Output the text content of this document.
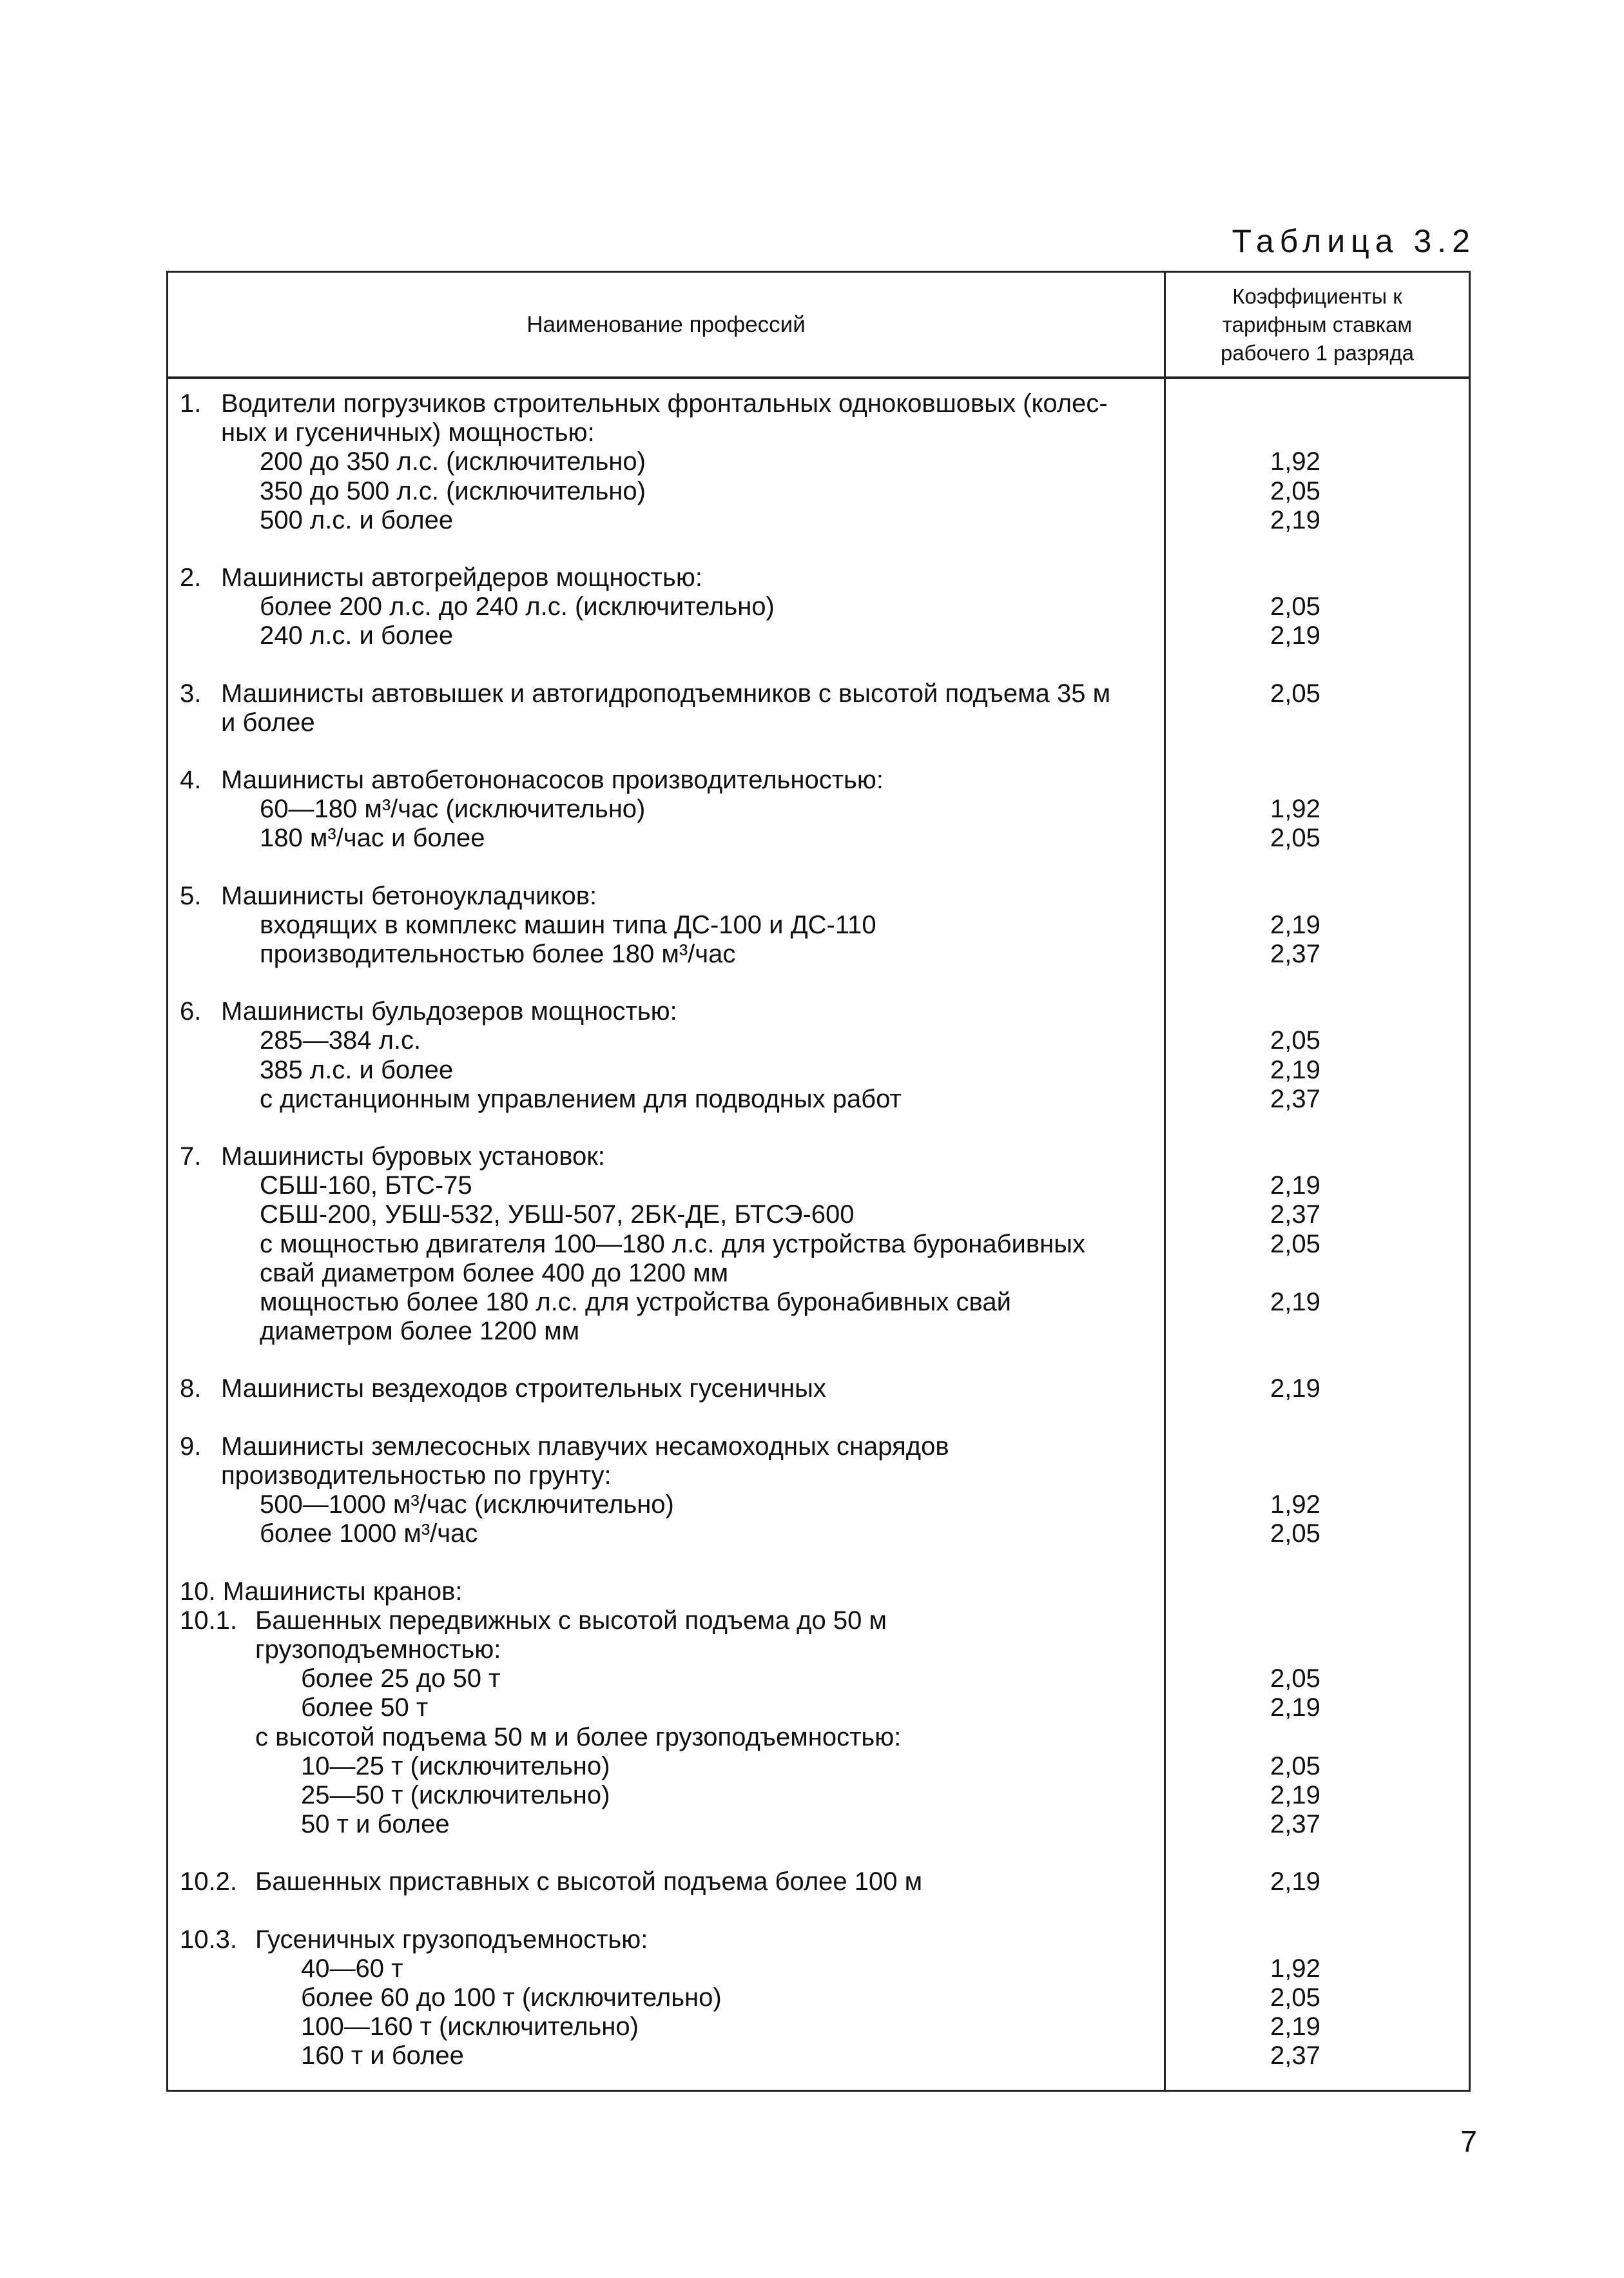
Таблица 3.2
Наименование профессий
Коэффициенты к
тарифным ставкам
рабочего 1 разряда
1. Водители погрузчиков строительных фронтальных одноковшовых (колес-
ных и гусеничных) мощностью:
200 до 350 л.с. (исключительно)	1,92
350 до 500 л.с. (исключительно)	2,05
500 л.с. и более	2,19
2. Машинисты автогрейдеров мощностью:
более 200 л.с. до 240 л.с. (исключительно)	2,05
240 л.с. и более	2,19
3. Машинисты автовышек и автогидроподъемников с высотой подъема 35 м	2,05
и более
4. Машинисты автобетононасосов производительностью:
60—180 м³/час (исключительно)	1,92
180 м³/час и более	2,05
5. Машинисты бетоноукладчиков:
входящих в комплекс машин типа ДС-100 и ДС-110	2,19
производительностью более 180 м³/час	2,37
6. Машинисты бульдозеров мощностью:
285—384 л.с.	2,05
385 л.с. и более	2,19
с дистанционным управлением для подводных работ	2,37
7. Машинисты буровых установок:
СБШ-160, БТС-75	2,19
СБШ-200, УБШ-532, УБШ-507, 2БК-ДЕ, БТСЭ-600	2,37
с мощностью двигателя 100—180 л.с. для устройства буронабивных	2,05
свай диаметром более 400 до 1200 мм
мощностью более 180 л.с. для устройства буронабивных свай	2,19
диаметром более 1200 мм
8. Машинисты вездеходов строительных гусеничных	2,19
9. Машинисты землесосных плавучих несамоходных снарядов
производительностью по грунту:
500—1000 м³/час (исключительно)	1,92
более 1000 м³/час	2,05
10. Машинисты кранов:
10.1. Башенных передвижных с высотой подъема до 50 м
грузоподъемностью:
более 25 до 50 т	2,05
более 50 т	2,19
с высотой подъема 50 м и более грузоподъемностью:
10—25 т (исключительно)	2,05
25—50 т (исключительно)	2,19
50 т и более	2,37
10.2. Башенных приставных с высотой подъема более 100 м	2,19
10.3. Гусеничных грузоподъемностью:
40—60 т	1,92
более 60 до 100 т (исключительно)	2,05
100—160 т (исключительно)	2,19
160 т и более	2,37
7
